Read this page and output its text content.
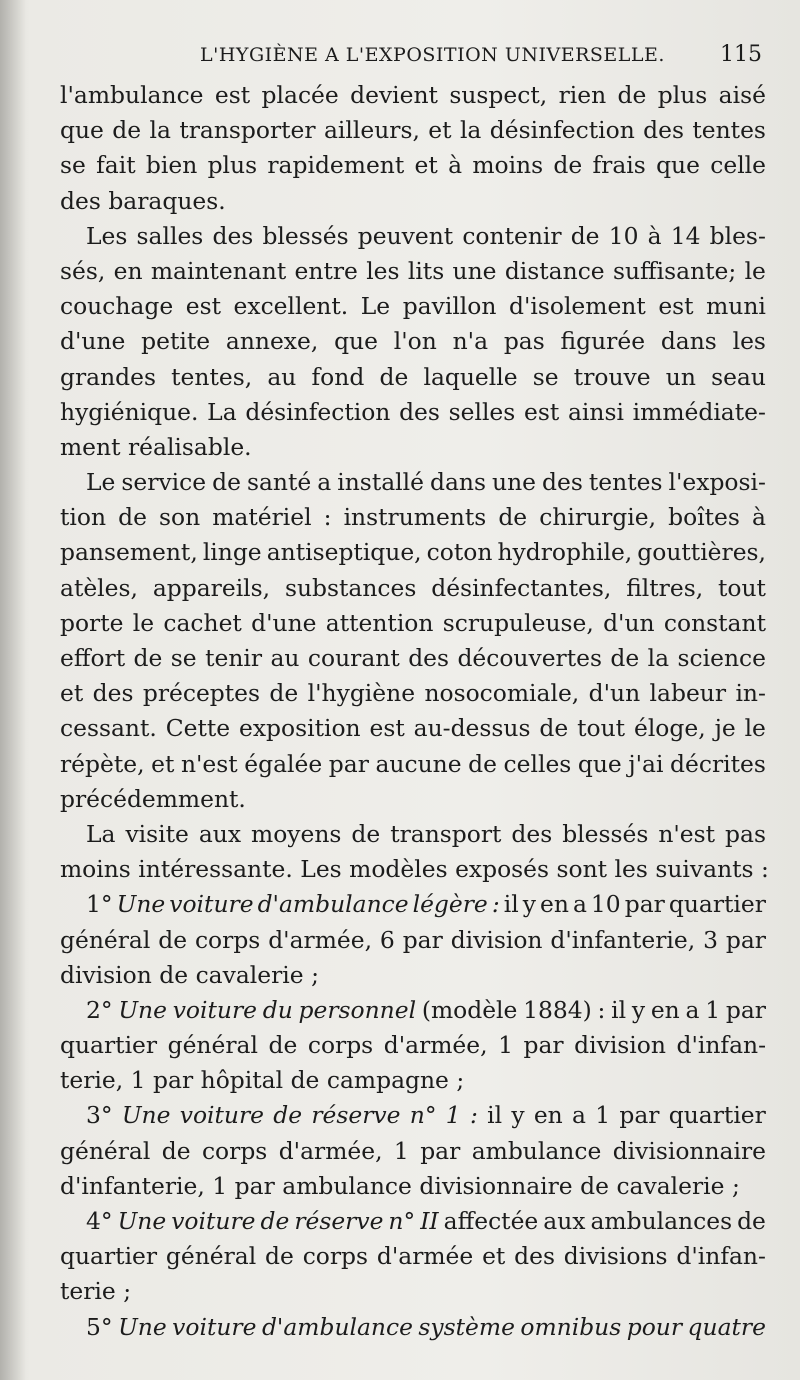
L'HYGIÈNE A L'EXPOSITION UNIVERSELLE.	115
l'ambulance est placée devient suspect, rien de plus aisé
que de la transporter ailleurs, et la désinfection des tentes
se fait bien plus rapidement et à moins de frais que celle
des baraques.
Les salles des blessés peuvent contenir de 10 à 14 bles-
sés, en maintenant entre les lits une distance suffisante; le
couchage est excellent. Le pavillon d'isolement est muni
d'une petite annexe, que l'on n'a pas figurée dans les
grandes tentes, au fond de laquelle se trouve un seau
hygiénique. La désinfection des selles est ainsi immédiate-
ment réalisable.
Le service de santé a installé dans une des tentes l'exposi-
tion de son matériel : instruments de chirurgie, boîtes à
pansement, linge antiseptique, coton hydrophile, gouttières,
atèles, appareils, substances désinfectantes, filtres, tout
porte le cachet d'une attention scrupuleuse, d'un constant
effort de se tenir au courant des découvertes de la science
et des préceptes de l'hygiène nosocomiale, d'un labeur in-
cessant. Cette exposition est au-dessus de tout éloge, je le
répète, et n'est égalée par aucune de celles que j'ai décrites
précédemment.
La visite aux moyens de transport des blessés n'est pas
moins intéressante. Les modèles exposés sont les suivants :
1° Une voiture d'ambulance légère : il y en a 10 par quartier
général de corps d'armée, 6 par division d'infanterie, 3 par
division de cavalerie ;
2° Une voiture du personnel (modèle 1884) : il y en a 1 par
quartier général de corps d'armée, 1 par division d'infan-
terie, 1 par hôpital de campagne ;
3° Une voiture de réserve n° 1 : il y en a 1 par quartier
général de corps d'armée, 1 par ambulance divisionnaire
d'infanterie, 1 par ambulance divisionnaire de cavalerie ;
4° Une voiture de réserve n° II affectée aux ambulances de
quartier général de corps d'armée et des divisions d'infan-
terie ;
5° Une voiture d'ambulance système omnibus pour quatre
